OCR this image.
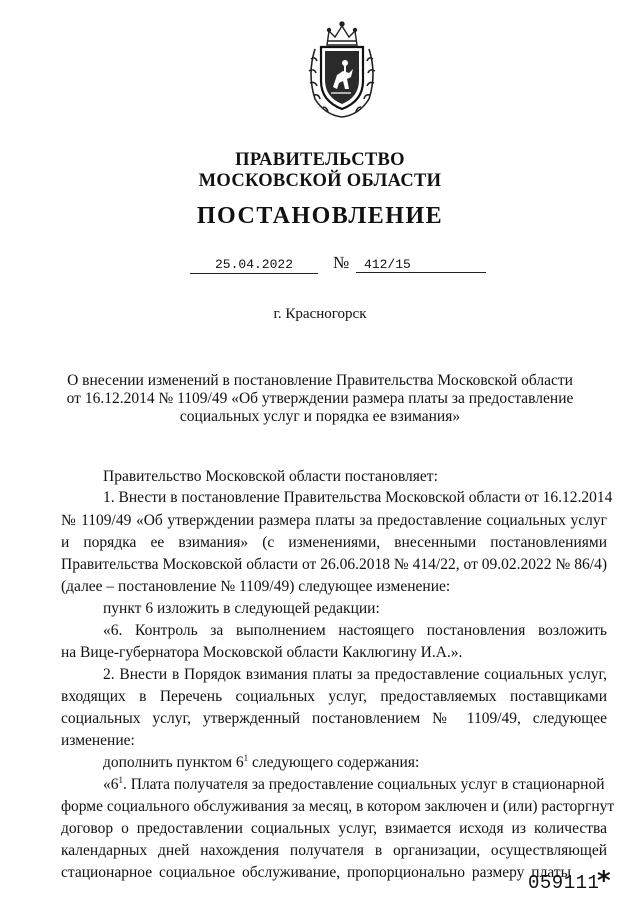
ПРАВИТЕЛЬСТВО
МОСКОВСКОЙ ОБЛАСТИ
ПОСТАНОВЛЕНИЕ
25.04.2022	№	412/15
г. Красногорск
О внесении изменений в постановление Правительства Московской области
от 16.12.2014 № 1109/49 «Об утверждении размера платы за предоставление
социальных услуг и порядка ее взимания»
Правительство Московской области постановляет:
1. Внести в постановление Правительства Московской области от 16.12.2014
№ 1109/49 «Об утверждении размера платы за предоставление социальных услуг
и порядка ее взимания» (с изменениями, внесенными постановлениями
Правительства Московской области от 26.06.2018 № 414/22, от 09.02.2022 № 86/4)
(далее – постановление № 1109/49) следующее изменение:
пункт 6 изложить в следующей редакции:
«6. Контроль за выполнением настоящего постановления возложить
на Вице-губернатора Московской области Каклюгину И.А.».
2. Внести в Порядок взимания платы за предоставление социальных услуг,
входящих в Перечень социальных услуг, предоставляемых поставщиками
социальных услуг, утвержденный постановлением № 1109/49, следующее
изменение:
дополнить пунктом $6^1$ следующего содержания:
«$6^1$. Плата получателя за предоставление социальных услуг в стационарной
форме социального обслуживания за месяц, в котором заключен и (или) расторгнут
договор о предоставлении социальных услуг, взимается исходя из количества
календарных дней нахождения получателя в организации, осуществляющей
стационарное социальное обслуживание, пропорционально размеру платы
059111
*
